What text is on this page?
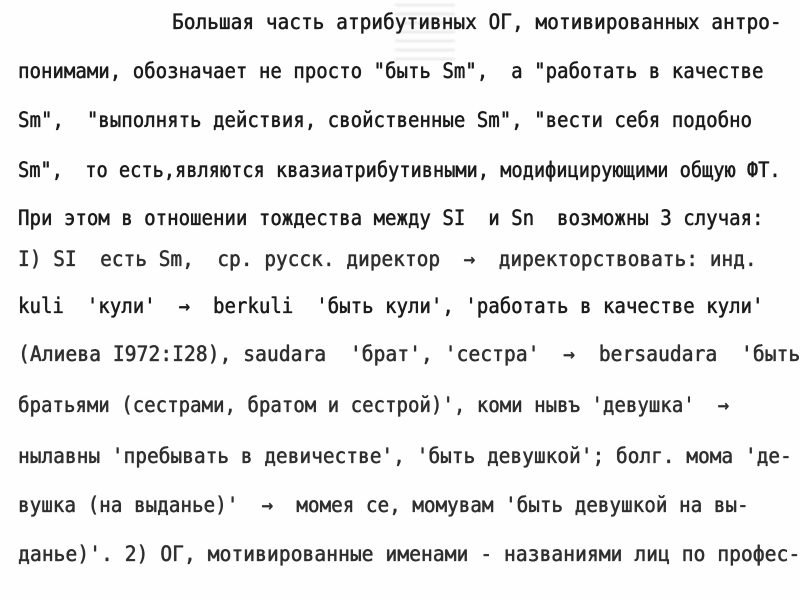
Большая часть атрибутивных ОГ, мотивированных антро-
понимами, обозначает не просто "быть Sm",  а "работать в качестве
Sm",  "выполнять действия, свойственные Sm", "вести себя подобно
Sm",  то есть,являются квазиатрибутивными, модифицирующими общую ФТ.
При этом в отношении тождества между SI  и Sn  возможны 3 случая:
I) SI  есть Sm,  ср. русск. директор  →  директорствовать: инд.
kuli  'кули'  →  berkuli  'быть кули', 'работать в качестве кули'
(Алиева I972:I28), saudara  'брат', 'сестра'  →  bersaudara  'быть
братьями (сестрами, братом и сестрой)', коми нывъ 'девушка'  →
нылавны 'пребывать в девичестве', 'быть девушкой'; болг. мома 'де-
вушка (на выданье)'  →  момея се, момувам 'быть девушкой на вы-
данье)'. 2) ОГ, мотивированные именами - названиями лиц по профес-
